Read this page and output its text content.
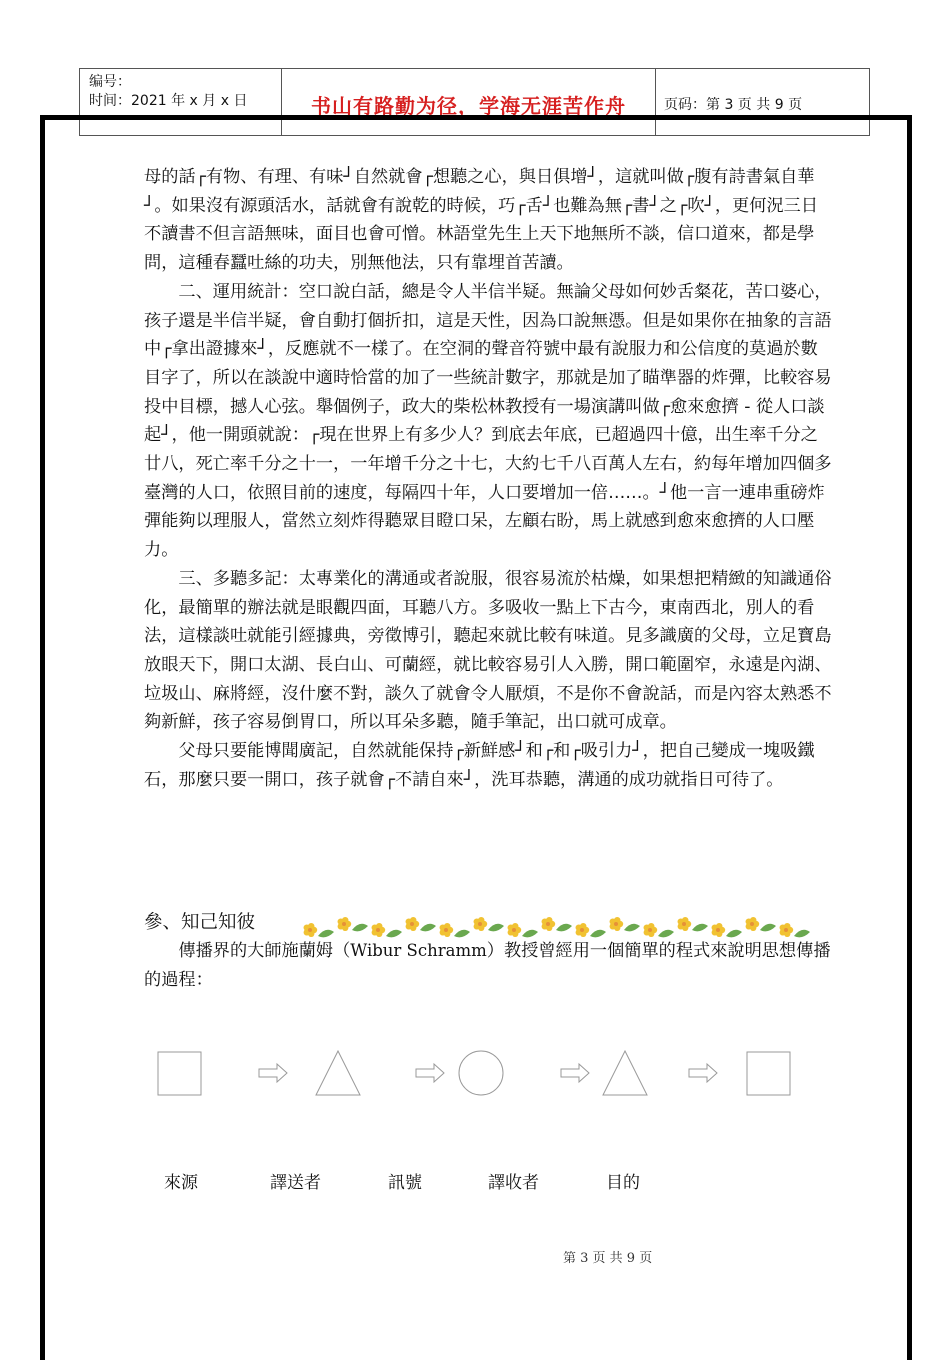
编号：
时间：2021 年 x 月 x 日	书山有路勤为径，学海无涯苦作舟	页码：第 3 页 共 9 页

母的話┌有物、有理、有味┘自然就會┌想聽之心，與日俱增┘，這就叫做┌腹有詩書氣自華┘。如果沒有源頭活水，話就會有說乾的時候，巧┌舌┘也難為無┌書┘之┌吹┘，更何況三日不讀書不但言語無味，面目也會可憎。林語堂先生上天下地無所不談，信口道來，都是學問，這種春蠶吐絲的功夫，別無他法，只有靠埋首苦讀。

二、運用統計：空口說白話，總是令人半信半疑。無論父母如何妙舌粲花，苦口婆心，孩子還是半信半疑，會自動打個折扣，這是天性，因為口說無憑。但是如果你在抽象的言語中┌拿出證據來┘，反應就不一樣了。在空洞的聲音符號中最有說服力和公信度的莫過於數目字了，所以在談說中適時恰當的加了一些統計數字，那就是加了瞄準器的炸彈，比較容易投中目標，撼人心弦。舉個例子，政大的柴松林教授有一場演講叫做┌愈來愈擠 - 從人口談起┘，他一開頭就說：┌現在世界上有多少人？到底去年底，已超過四十億，出生率千分之廿八，死亡率千分之十一，一年增千分之十七，大約七千八百萬人左右，約每年增加四個多臺灣的人口，依照目前的速度，每隔四十年，人口要增加一倍……。┘他一言一連串重磅炸彈能夠以理服人，當然立刻炸得聽眾目瞪口呆，左顧右盼，馬上就感到愈來愈擠的人口壓力。

三、多聽多記：太專業化的溝通或者說服，很容易流於枯燥，如果想把精緻的知識通俗化，最簡單的辦法就是眼觀四面，耳聽八方。多吸收一點上下古今，東南西北，別人的看法，這樣談吐就能引經據典，旁徵博引，聽起來就比較有味道。見多識廣的父母，立足寶島放眼天下，開口太湖、長白山、可蘭經，就比較容易引人入勝，開口範圍窄，永遠是內湖、垃圾山、麻將經，沒什麼不對，談久了就會令人厭煩，不是你不會說話，而是內容太熟悉不夠新鮮，孩子容易倒胃口，所以耳朵多聽，隨手筆記，出口就可成章。

父母只要能博聞廣記，自然就能保持┌新鮮感┘和┌和┌吸引力┘，把自己變成一塊吸鐵石，那麼只要一開口，孩子就會┌不請自來┘，洗耳恭聽，溝通的成功就指日可待了。

參、知己知彼

傳播界的大師施蘭姆（Wibur Schramm）教授曾經用一個簡單的程式來說明思想傳播的過程：

來源	譯送者	訊號	譯收者	目的
第 3 页 共 9 页
